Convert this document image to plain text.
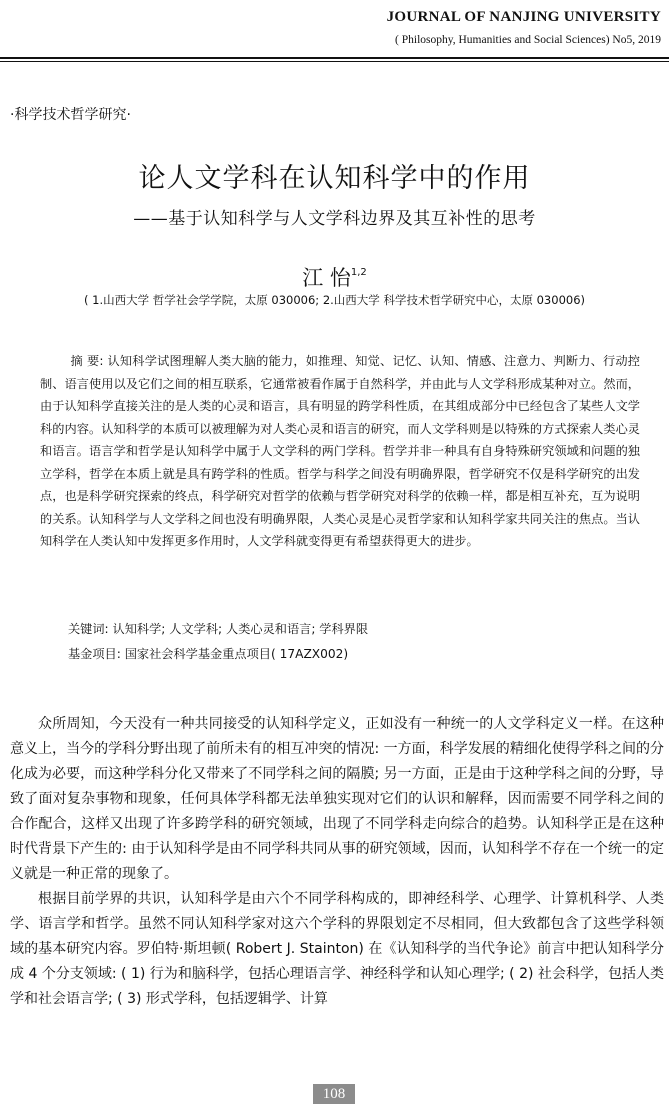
JOURNAL OF NANJING UNIVERSITY
( Philosophy, Humanities and Social Sciences) No5, 2019
·科学技术哲学研究·
论人文学科在认知科学中的作用
——基于认知科学与人文学科边界及其互补性的思考
江 怡$^{1,2}$
( 1.山西大学 哲学社会学学院，太原 030006; 2.山西大学 科学技术哲学研究中心，太原 030006)

摘 要: 认知科学试图理解人类大脑的能力，如推理、知觉、记忆、认知、情感、注意力、判断力、行动控制、语言使用以及它们之间的相互联系，它通常被看作属于自然科学，并由此与人文学科形成某种对立。然而，由于认知科学直接关注的是人类的心灵和语言，具有明显的跨学科性质，在其组成部分中已经包含了某些人文学科的内容。认知科学的本质可以被理解为对人类心灵和语言的研究，而人文学科则是以特殊的方式探索人类心灵和语言。语言学和哲学是认知科学中属于人文学科的两门学科。哲学并非一种具有自身特殊研究领域和问题的独立学科，哲学在本质上就是具有跨学科的性质。哲学与科学之间没有明确界限，哲学研究不仅是科学研究的出发点，也是科学研究探索的终点，科学研究对哲学的依赖与哲学研究对科学的依赖一样，都是相互补充，互为说明的关系。认知科学与人文学科之间也没有明确界限，人类心灵是心灵哲学家和认知科学家共同关注的焦点。当认知科学在人类认知中发挥更多作用时，人文学科就变得更有希望获得更大的进步。

关键词: 认知科学; 人文学科; 人类心灵和语言; 学科界限
基金项目: 国家社会科学基金重点项目( 17AZX002)

众所周知，今天没有一种共同接受的认知科学定义，正如没有一种统一的人文学科定义一样。在这种意义上，当今的学科分野出现了前所未有的相互冲突的情况: 一方面，科学发展的精细化使得学科之间的分化成为必要，而这种学科分化又带来了不同学科之间的隔膜; 另一方面，正是由于这种学科之间的分野，导致了面对复杂事物和现象，任何具体学科都无法单独实现对它们的认识和解释，因而需要不同学科之间的合作配合，这样又出现了许多跨学科的研究领域，出现了不同学科走向综合的趋势。认知科学正是在这种时代背景下产生的: 由于认知科学是由不同学科共同从事的研究领域，因而，认知科学不存在一个统一的定义就是一种正常的现象了。

根据目前学界的共识，认知科学是由六个不同学科构成的，即神经科学、心理学、计算机科学、人类学、语言学和哲学。虽然不同认知科学家对这六个学科的界限划定不尽相同，但大致都包含了这些学科领域的基本研究内容。罗伯特·斯坦顿( Robert J. Stainton) 在《认知科学的当代争论》前言中把认知科学分成 4 个分支领域: ( 1) 行为和脑科学，包括心理语言学、神经科学和认知心理学; ( 2) 社会科学，包括人类学和社会语言学; ( 3) 形式学科，包括逻辑学、计算

108
